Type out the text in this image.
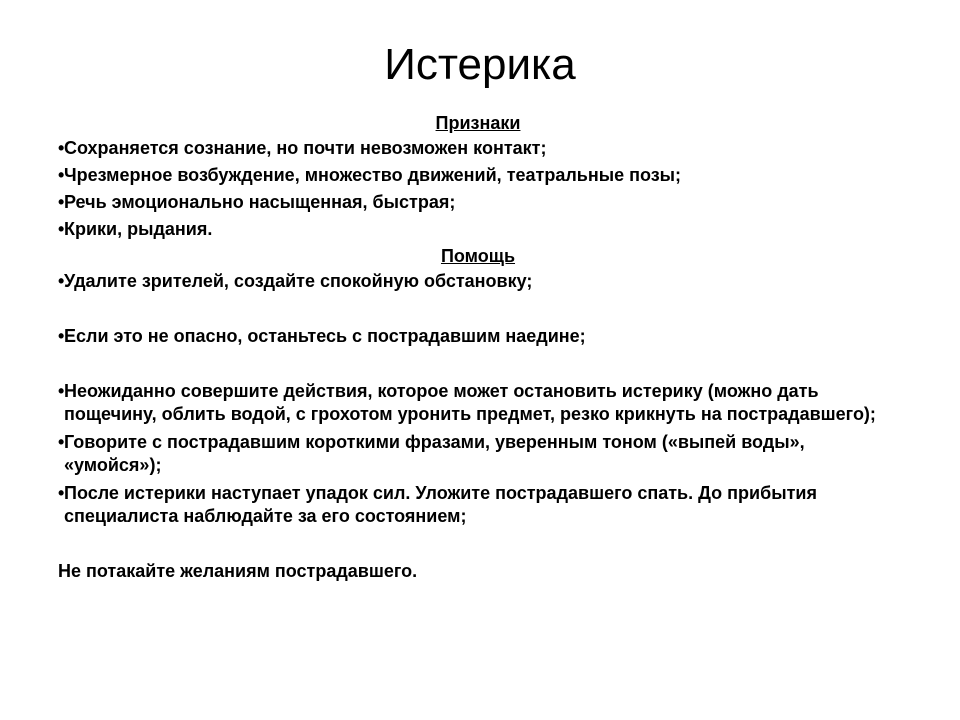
Истерика

Признаки

• Сохраняется сознание, но почти невозможен контакт;

• Чрезмерное возбуждение, множество движений, театральные позы;

• Речь эмоционально насыщенная, быстрая;

• Крики, рыдания.

Помощь

• Удалите зрителей, создайте спокойную обстановку;

• Если это не опасно, останьтесь с пострадавшим наедине;

• Неожиданно совершите действия, которое может остановить истерику (можно дать пощечину, облить водой, с грохотом уронить предмет, резко крикнуть на пострадавшего);

• Говорите с пострадавшим короткими фразами, уверенным тоном («выпей воды», «умойся»);

• После истерики наступает упадок сил. Уложите пострадавшего спать. До прибытия специалиста наблюдайте за его состоянием;

Не потакайте желаниям пострадавшего.
